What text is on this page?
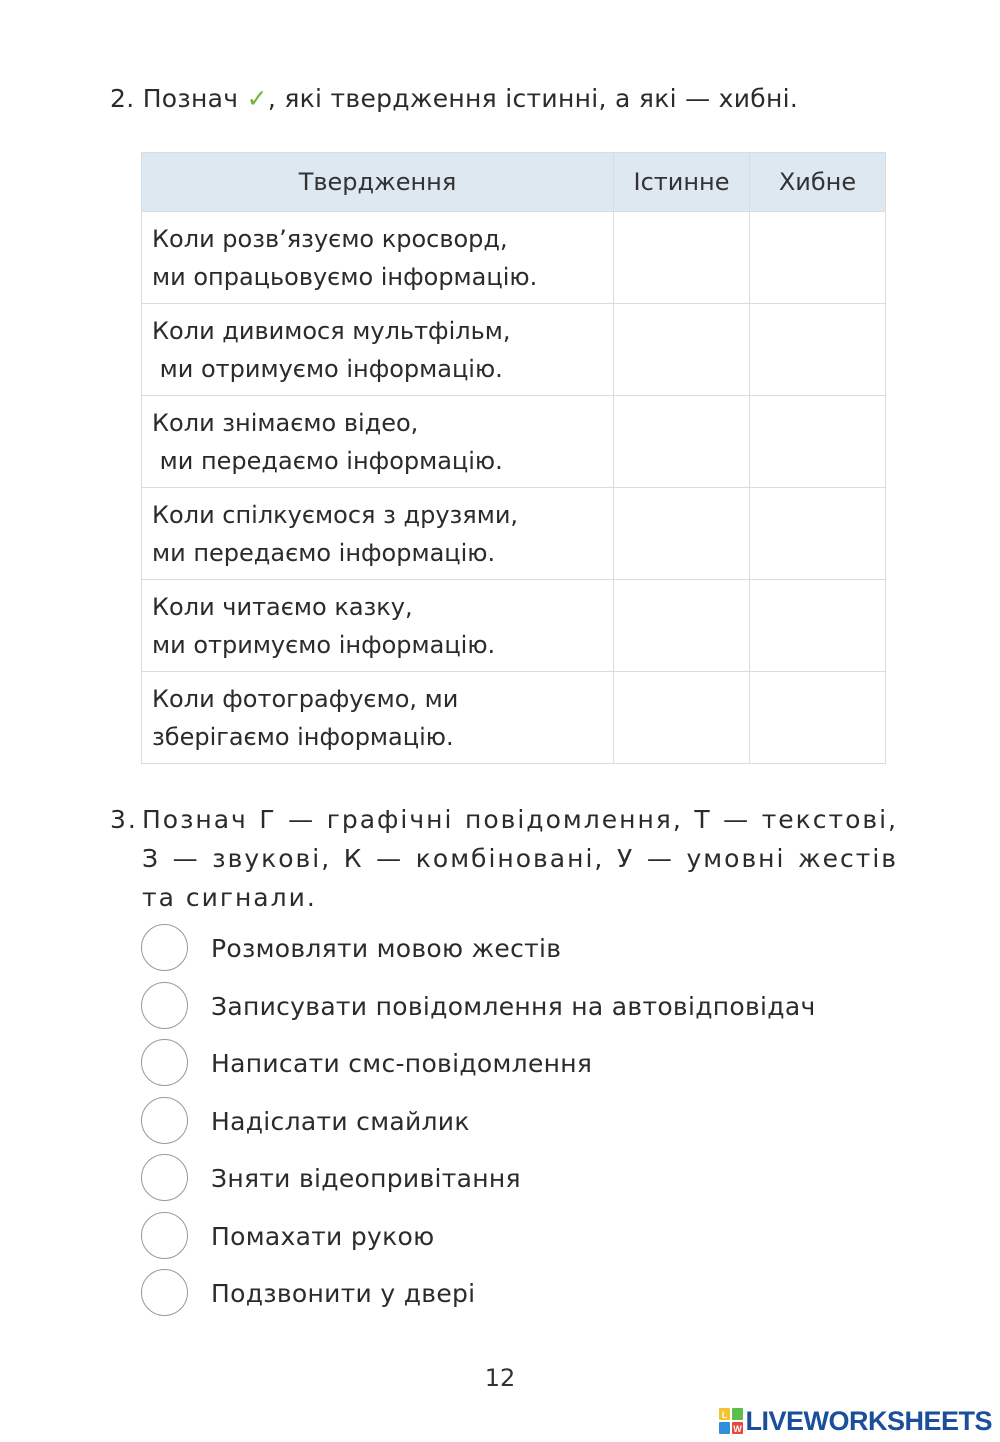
2. Познач ✓, які твердження істинні, а які — хибні.
Твердження	Істинне	Хибне
Коли розв’язуємо кросворд,
ми опрацьовуємо інформацію.		
Коли дивимося мультфільм,
ми отримуємо інформацію.		
Коли знімаємо відео,
ми передаємо інформацію.		
Коли спілкуємося з друзями,
ми передаємо інформацію.		
Коли читаємо казку,
ми отримуємо інформацію.		
Коли фотографуємо, ми
зберігаємо інформацію.		
3. Познач Г — графічні повідомлення, Т — текстові, З — звукові, К — комбіновані, У — умовні жестів та сигнали.
Розмовляти мовою жестів
Записувати повідомлення на автовідповідач
Написати смс-повідомлення
Надіслати смайлик
Зняти відеопривітання
Помахати рукою
Подзвонити у двері
12
L
W LIVEWORKSHEETS
